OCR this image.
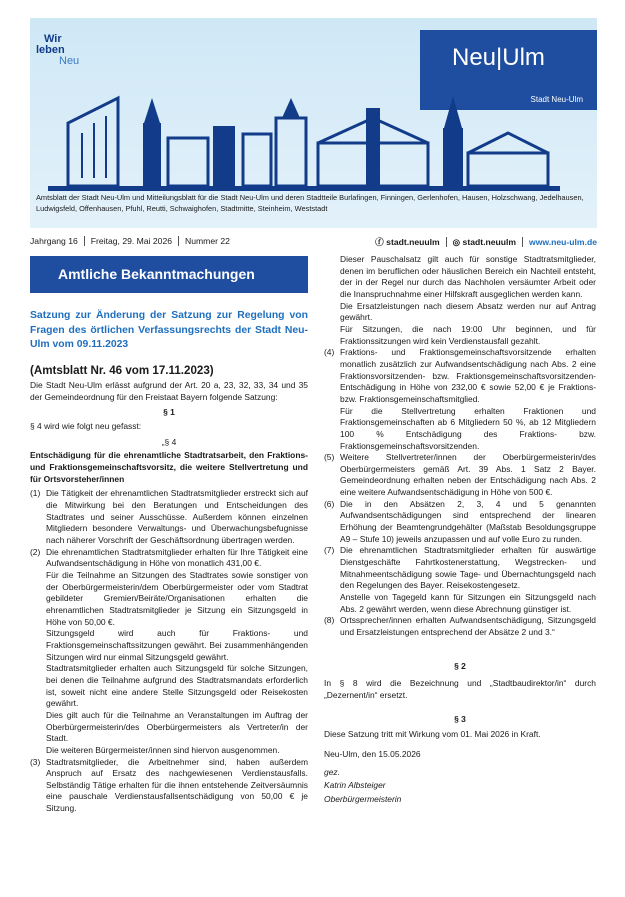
Wir
leben
Neu	Neu|Ulm
Stadt Neu-Ulm
Amtsblatt der Stadt Neu-Ulm und Mitteilungsblatt für die Stadt Neu-Ulm und deren Stadtteile Burlafingen, Finningen, Gerlenhofen, Hausen, Holzschwang, Jedelhausen, Ludwigsfeld, Offenhausen, Pfuhl, Reutti, Schwaighofen, Stadtmitte, Steinheim, Weststadt
Jahrgang 16 Freitag, 29. Mai 2026 Nummer 22	ⓕ stadt.neuulm ◎ stadt.neuulm www.neu-ulm.de
Amtliche Bekanntmachungen

Satzung zur Änderung der Satzung zur Regelung von Fragen des örtlichen Verfassungsrechts der Stadt Neu-Ulm vom 09.11.2023

(Amtsblatt Nr. 46 vom 17.11.2023)

Die Stadt Neu-Ulm erlässt aufgrund der Art. 20 a, 23, 32, 33, 34 und 35 der Gemeindeordnung für den Freistaat Bayern folgende Satzung:

§ 1

§ 4 wird wie folgt neu gefasst:

„§ 4

Entschädigung für die ehrenamtliche Stadtratsarbeit, den Fraktions- und Fraktionsgemeinschaftsvorsitz, die weitere Stellvertretung und für Ortsvorsteher/innen

(1) Die Tätigkeit der ehrenamtlichen Stadtratsmitglieder erstreckt sich auf die Mitwirkung bei den Beratungen und Entscheidungen des Stadtrates und seiner Ausschüsse. Außerdem können einzelnen Mitgliedern besondere Verwaltungs- und Überwachungsbefugnisse nach näherer Vorschrift der Geschäftsordnung übertragen werden.

(2) Die ehrenamtlichen Stadtratsmitglieder erhalten für Ihre Tätigkeit eine Aufwandsentschädigung in Höhe von monatlich 431,00 €.

Für die Teilnahme an Sitzungen des Stadtrates sowie sonstiger von der Oberbürgermeisterin/dem Oberbürgermeister oder vom Stadtrat gebildeter Gremien/Beiräte/Organisationen erhalten die ehrenamtlichen Stadtratsmitglieder je Sitzung ein Sitzungsgeld in Höhe von 50,00 €.

Sitzungsgeld wird auch für Fraktions- und Fraktionsgemeinschaftssitzungen gewährt. Bei zusammenhängenden Sitzungen wird nur einmal Sitzungsgeld gewährt.

Stadtratsmitglieder erhalten auch Sitzungsgeld für solche Sitzungen, bei denen die Teilnahme aufgrund des Stadtratsmandats erforderlich ist, soweit nicht eine andere Stelle Sitzungsgeld oder Reisekosten gewährt.

Dies gilt auch für die Teilnahme an Veranstaltungen im Auftrag der Oberbürgermeisterin/des Oberbürgermeisters als Vertreter/in der Stadt.

Die weiteren Bürgermeister/innen sind hiervon ausgenommen.

(3) Stadtratsmitglieder, die Arbeitnehmer sind, haben außerdem Anspruch auf Ersatz des nachgewiesenen Verdienstausfalls. Selbständig Tätige erhalten für die ihnen entstehende Zeitversäumnis eine pauschale Verdienstausfallsentschädigung von 50,00 € je Sitzung.

Dieser Pauschalsatz gilt auch für sonstige Stadtratsmitglieder, denen im beruflichen oder häuslichen Bereich ein Nachteil entsteht, der in der Regel nur durch das Nachholen versäumter Arbeit oder die Inanspruchnahme einer Hilfskraft ausgeglichen werden kann.

Die Ersatzleistungen nach diesem Absatz werden nur auf Antrag gewährt.

Für Sitzungen, die nach 19:00 Uhr beginnen, und für Fraktionssitzungen wird kein Verdienstausfall gezahlt.

(4) Fraktions- und Fraktionsgemeinschaftsvorsitzende erhalten monatlich zusätzlich zur Aufwandsentschädigung nach Abs. 2 eine Fraktionsvorsitzenden- bzw. Fraktionsgemeinschaftsvorsitzenden-Entschädigung in Höhe von 232,00 € sowie 52,00 € je Fraktions- bzw. Fraktionsgemeinschaftsmitglied.

Für die Stellvertretung erhalten Fraktionen und Fraktionsgemeinschaften ab 6 Mitgliedern 50 %, ab 12 Mitgliedern 100 % Entschädigung des Fraktions- bzw. Fraktionsgemeinschaftsvorsitzenden.

(5) Weitere Stellvertreter/innen der Oberbürgermeisterin/des Oberbürgermeisters gemäß Art. 39 Abs. 1 Satz 2 Bayer. Gemeindeordnung erhalten neben der Entschädigung nach Abs. 2 eine weitere Aufwandsentschädigung in Höhe von 500 €.

(6) Die in den Absätzen 2, 3, 4 und 5 genannten Aufwandsentschädigungen sind entsprechend der linearen Erhöhung der Beamtengrundgehälter (Maßstab Besoldungsgruppe A9 – Stufe 10) jeweils anzupassen und auf volle Euro zu runden.

(7) Die ehrenamtlichen Stadtratsmitglieder erhalten für auswärtige Dienstgeschäfte Fahrtkostenerstattung, Wegstrecken- und Mitnahmeentschädigung sowie Tage- und Übernachtungsgeld nach den Regelungen des Bayer. Reisekostengesetz.

Anstelle von Tagegeld kann für Sitzungen ein Sitzungsgeld nach Abs. 2 gewährt werden, wenn diese Abrechnung günstiger ist.

(8) Ortssprecher/innen erhalten Aufwandsentschädigung, Sitzungsgeld und Ersatzleistungen entsprechend der Absätze 2 und 3.“

§ 2

In § 8 wird die Bezeichnung und „Stadtbaudirektor/in“ durch „Dezernent/in“ ersetzt.

§ 3

Diese Satzung tritt mit Wirkung vom 01. Mai 2026 in Kraft.

Neu-Ulm, den 15.05.2026

gez.

Katrin Albsteiger

Oberbürgermeisterin
